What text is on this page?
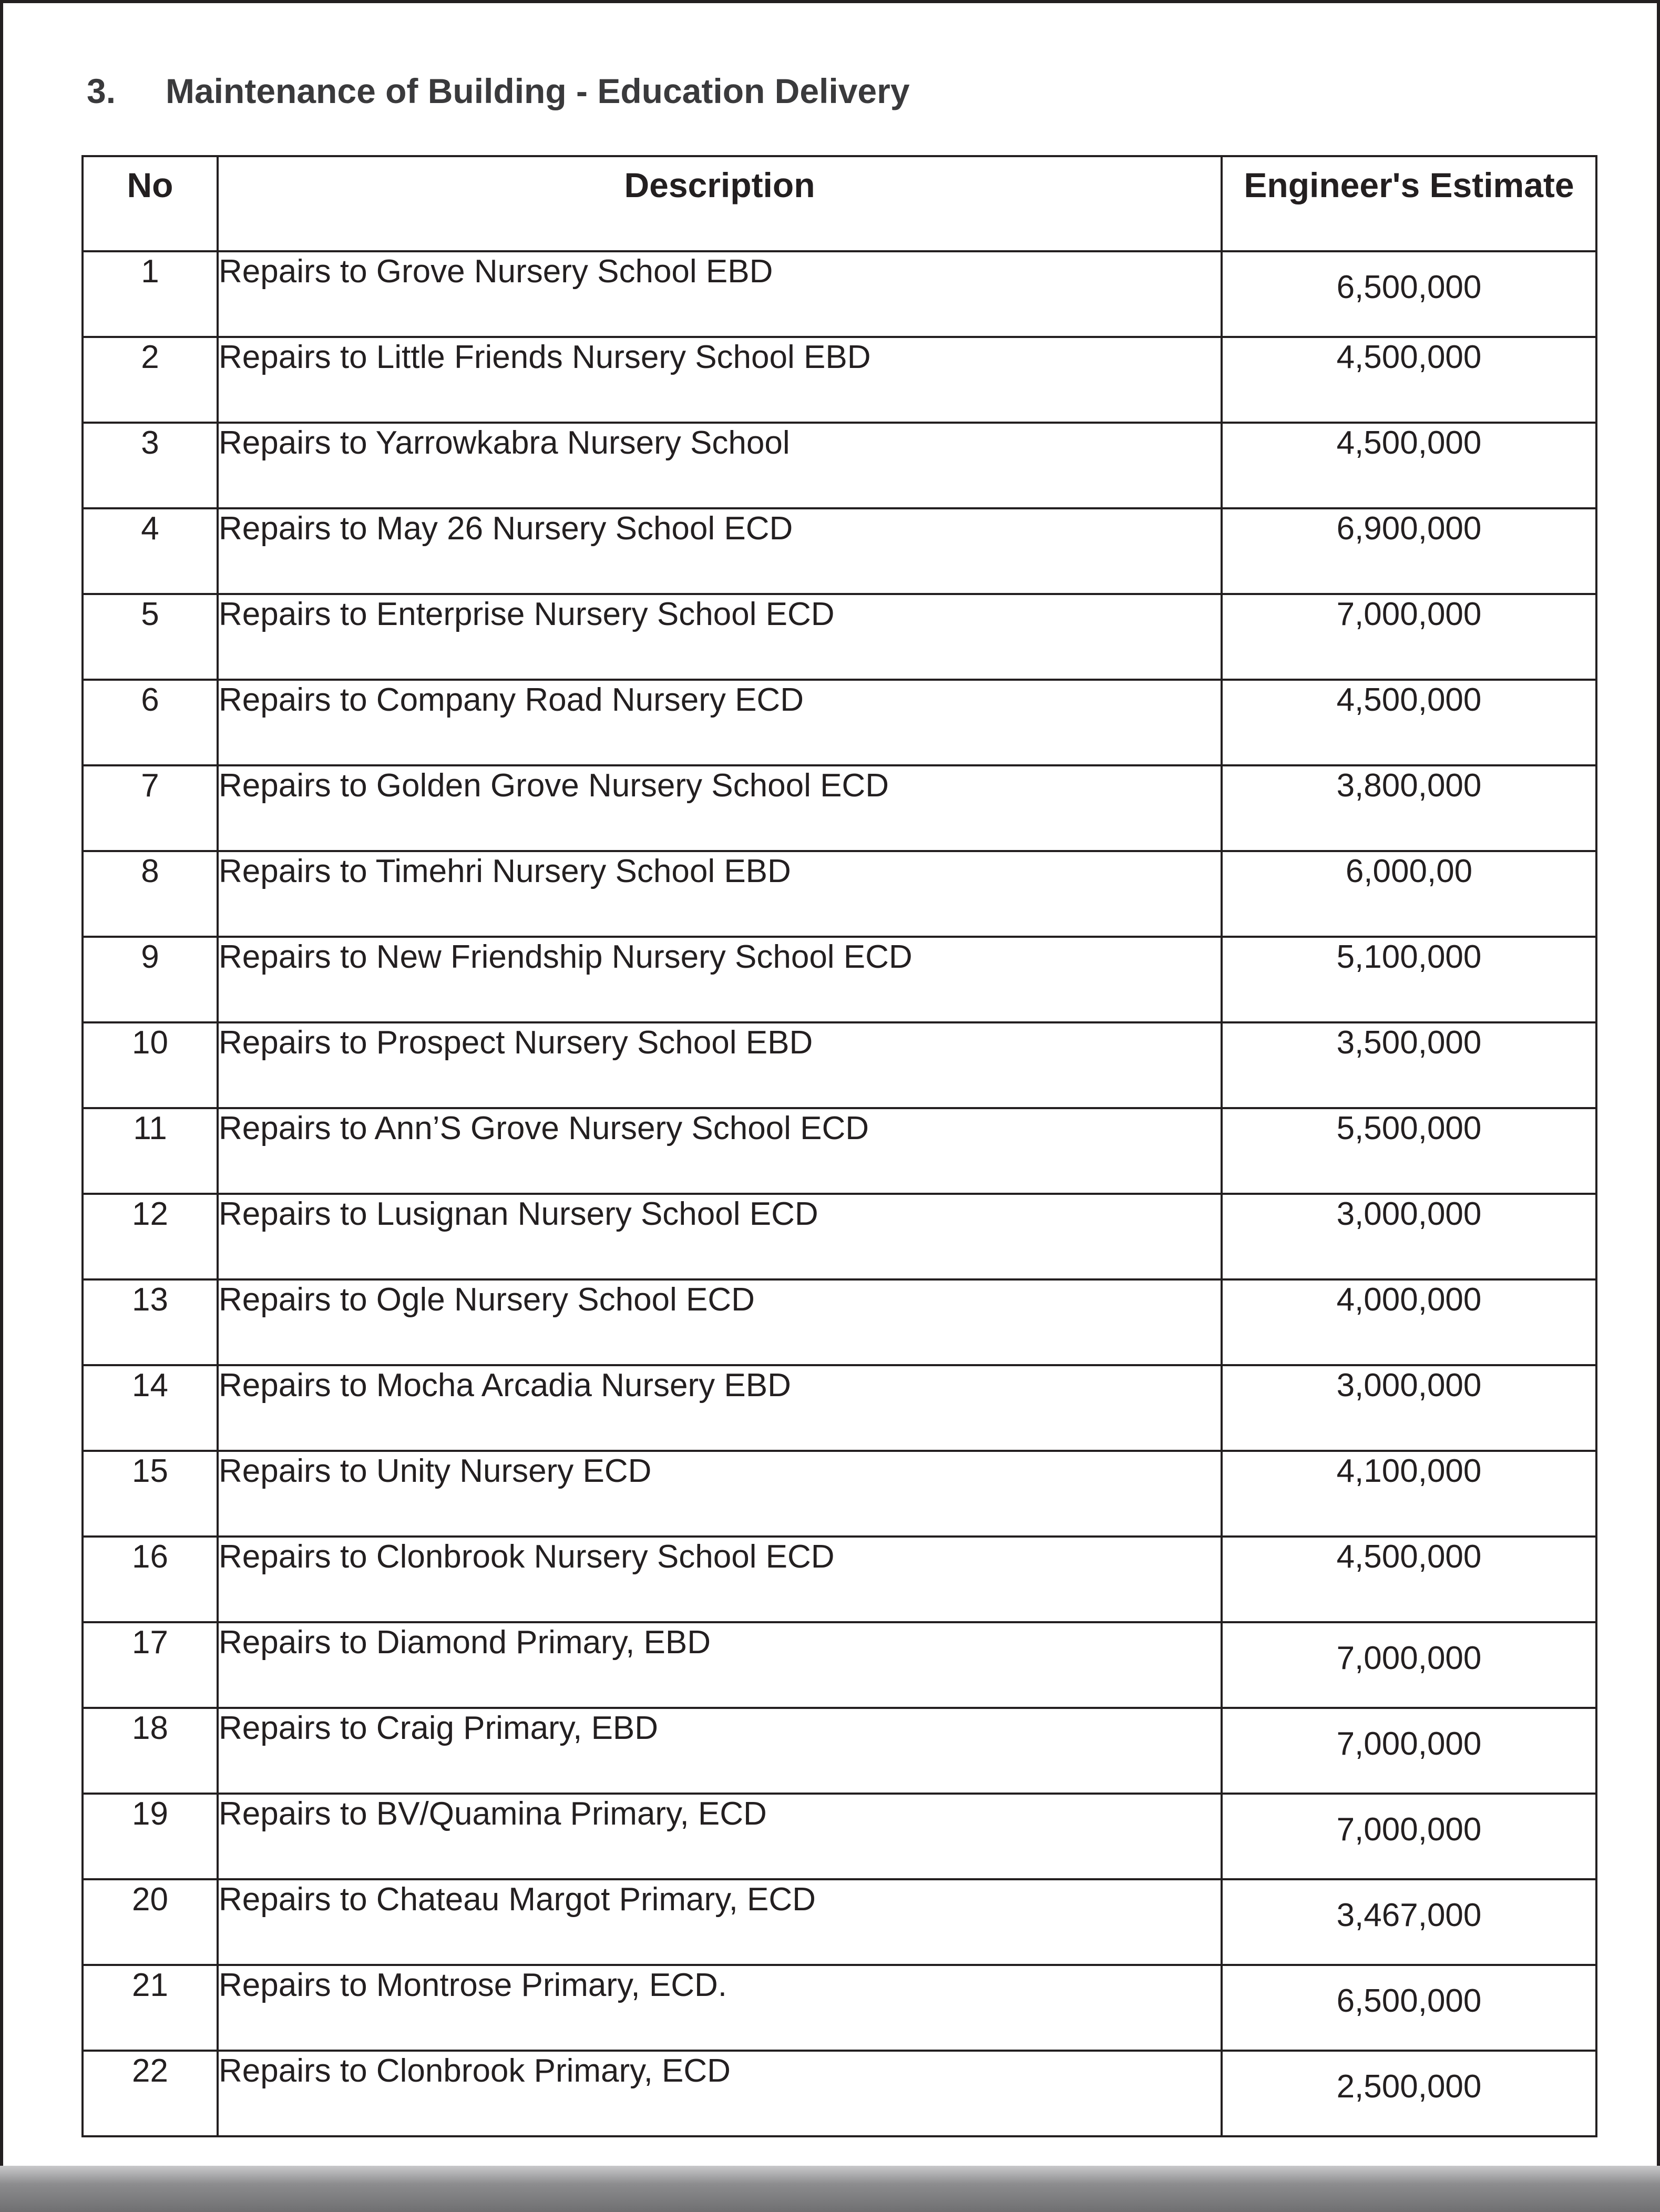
3. Maintenance of Building - Education Delivery
No	Description	Engineer's Estimate
1	Repairs to Grove Nursery School EBD	6,500,000
2	Repairs to Little Friends Nursery School EBD	4,500,000
3	Repairs to Yarrowkabra Nursery School	4,500,000
4	Repairs to May 26 Nursery School ECD	6,900,000
5	Repairs to Enterprise Nursery School ECD	7,000,000
6	Repairs to Company Road Nursery ECD	4,500,000
7	Repairs to Golden Grove Nursery School ECD	3,800,000
8	Repairs to Timehri Nursery School EBD	6,000,00
9	Repairs to New Friendship Nursery School ECD	5,100,000
10	Repairs to Prospect Nursery School EBD	3,500,000
11	Repairs to Ann’S Grove Nursery School ECD	5,500,000
12	Repairs to Lusignan Nursery School ECD	3,000,000
13	Repairs to Ogle Nursery School ECD	4,000,000
14	Repairs to Mocha Arcadia Nursery EBD	3,000,000
15	Repairs to Unity Nursery ECD	4,100,000
16	Repairs to Clonbrook Nursery School ECD	4,500,000
17	Repairs to Diamond Primary, EBD	7,000,000
18	Repairs to Craig Primary, EBD	7,000,000
19	Repairs to BV/Quamina Primary, ECD	7,000,000
20	Repairs to Chateau Margot Primary, ECD	3,467,000
21	Repairs to Montrose Primary, ECD.	6,500,000
22	Repairs to Clonbrook Primary, ECD	2,500,000
